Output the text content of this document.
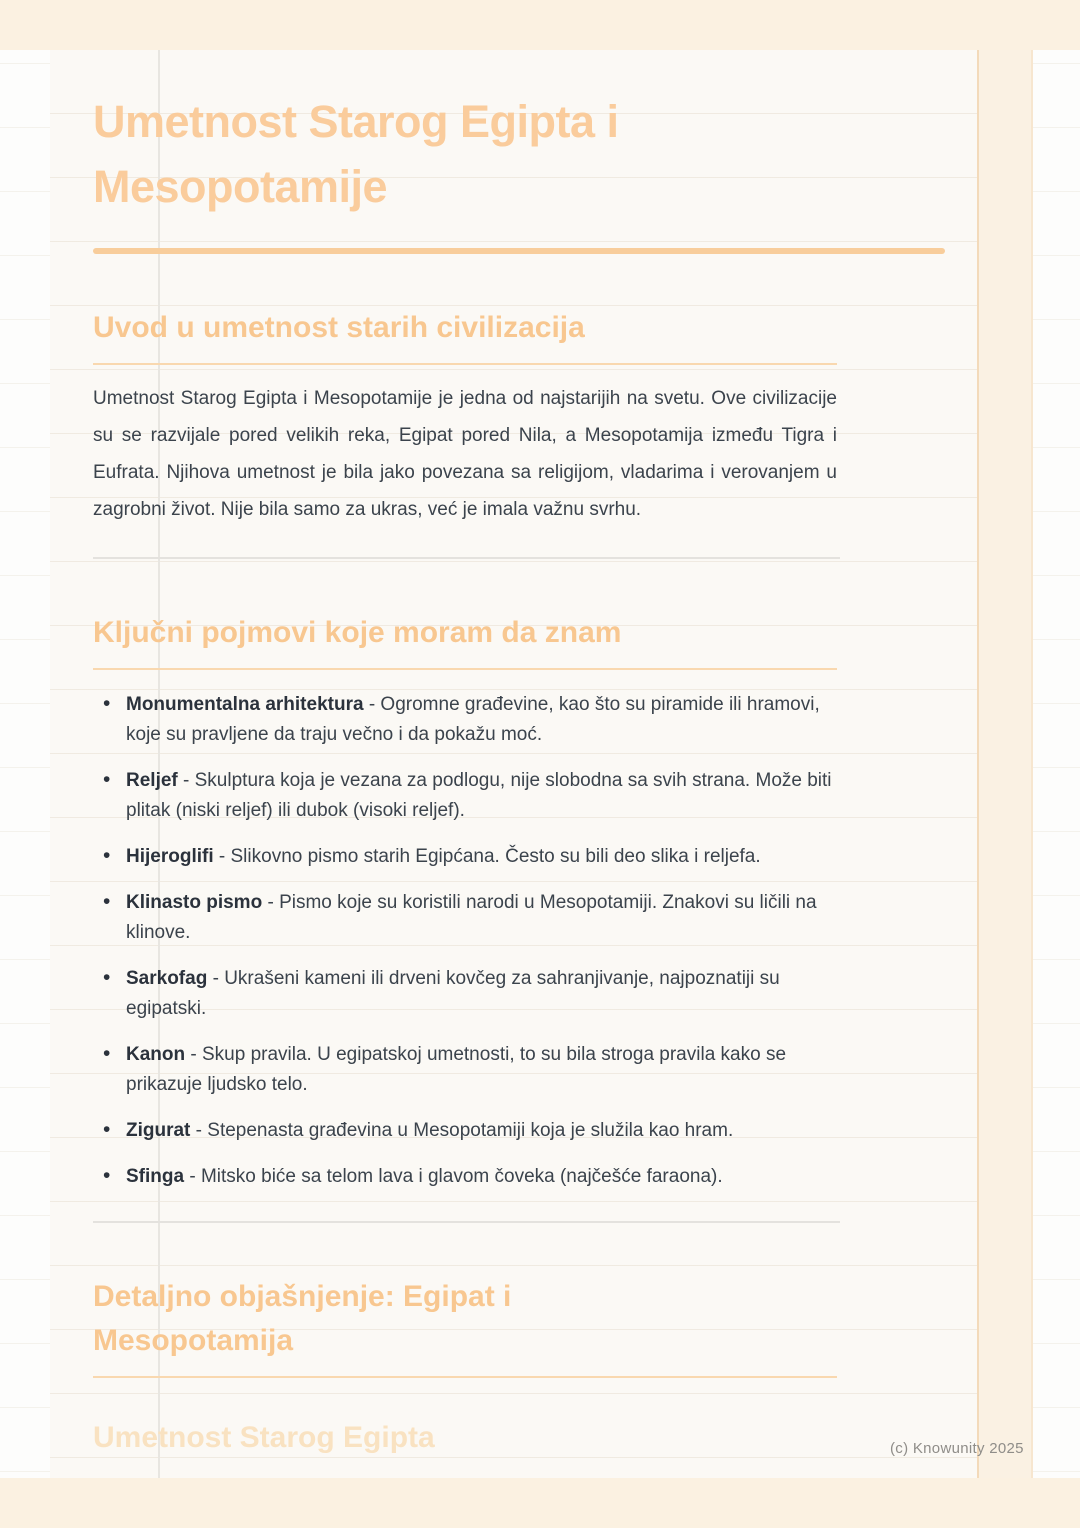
Umetnost Starog Egipta i Mesopotamije
Uvod u umetnost starih civilizacija

Umetnost Starog Egipta i Mesopotamije je jedna od najstarijih na svetu. Ove civilizacije su se razvijale pored velikih reka, Egipat pored Nila, a Mesopotamija između Tigra i Eufrata. Njihova umetnost je bila jako povezana sa religijom, vladarima i verovanjem u zagrobni život. Nije bila samo za ukras, već je imala važnu svrhu.

Ključni pojmovi koje moram da znam
• Monumentalna arhitektura - Ogromne građevine, kao što su piramide ili hramovi, koje su pravljene da traju večno i da pokažu moć.
• Reljef - Skulptura koja je vezana za podlogu, nije slobodna sa svih strana. Može biti plitak (niski reljef) ili dubok (visoki reljef).
• Hijeroglifi - Slikovno pismo starih Egipćana. Često su bili deo slika i reljefa.
• Klinasto pismo - Pismo koje su koristili narodi u Mesopotamiji. Znakovi su ličili na klinove.
• Sarkofag - Ukrašeni kameni ili drveni kovčeg za sahranjivanje, najpoznatiji su egipatski.
• Kanon - Skup pravila. U egipatskoj umetnosti, to su bila stroga pravila kako se prikazuje ljudsko telo.
• Zigurat - Stepenasta građevina u Mesopotamiji koja je služila kao hram.
• Sfinga - Mitsko biće sa telom lava i glavom čoveka (najčešće faraona).
Detaljno objašnjenje: Egipat i Mesopotamija
Umetnost Starog Egipta	(c) Knowunity 2025
